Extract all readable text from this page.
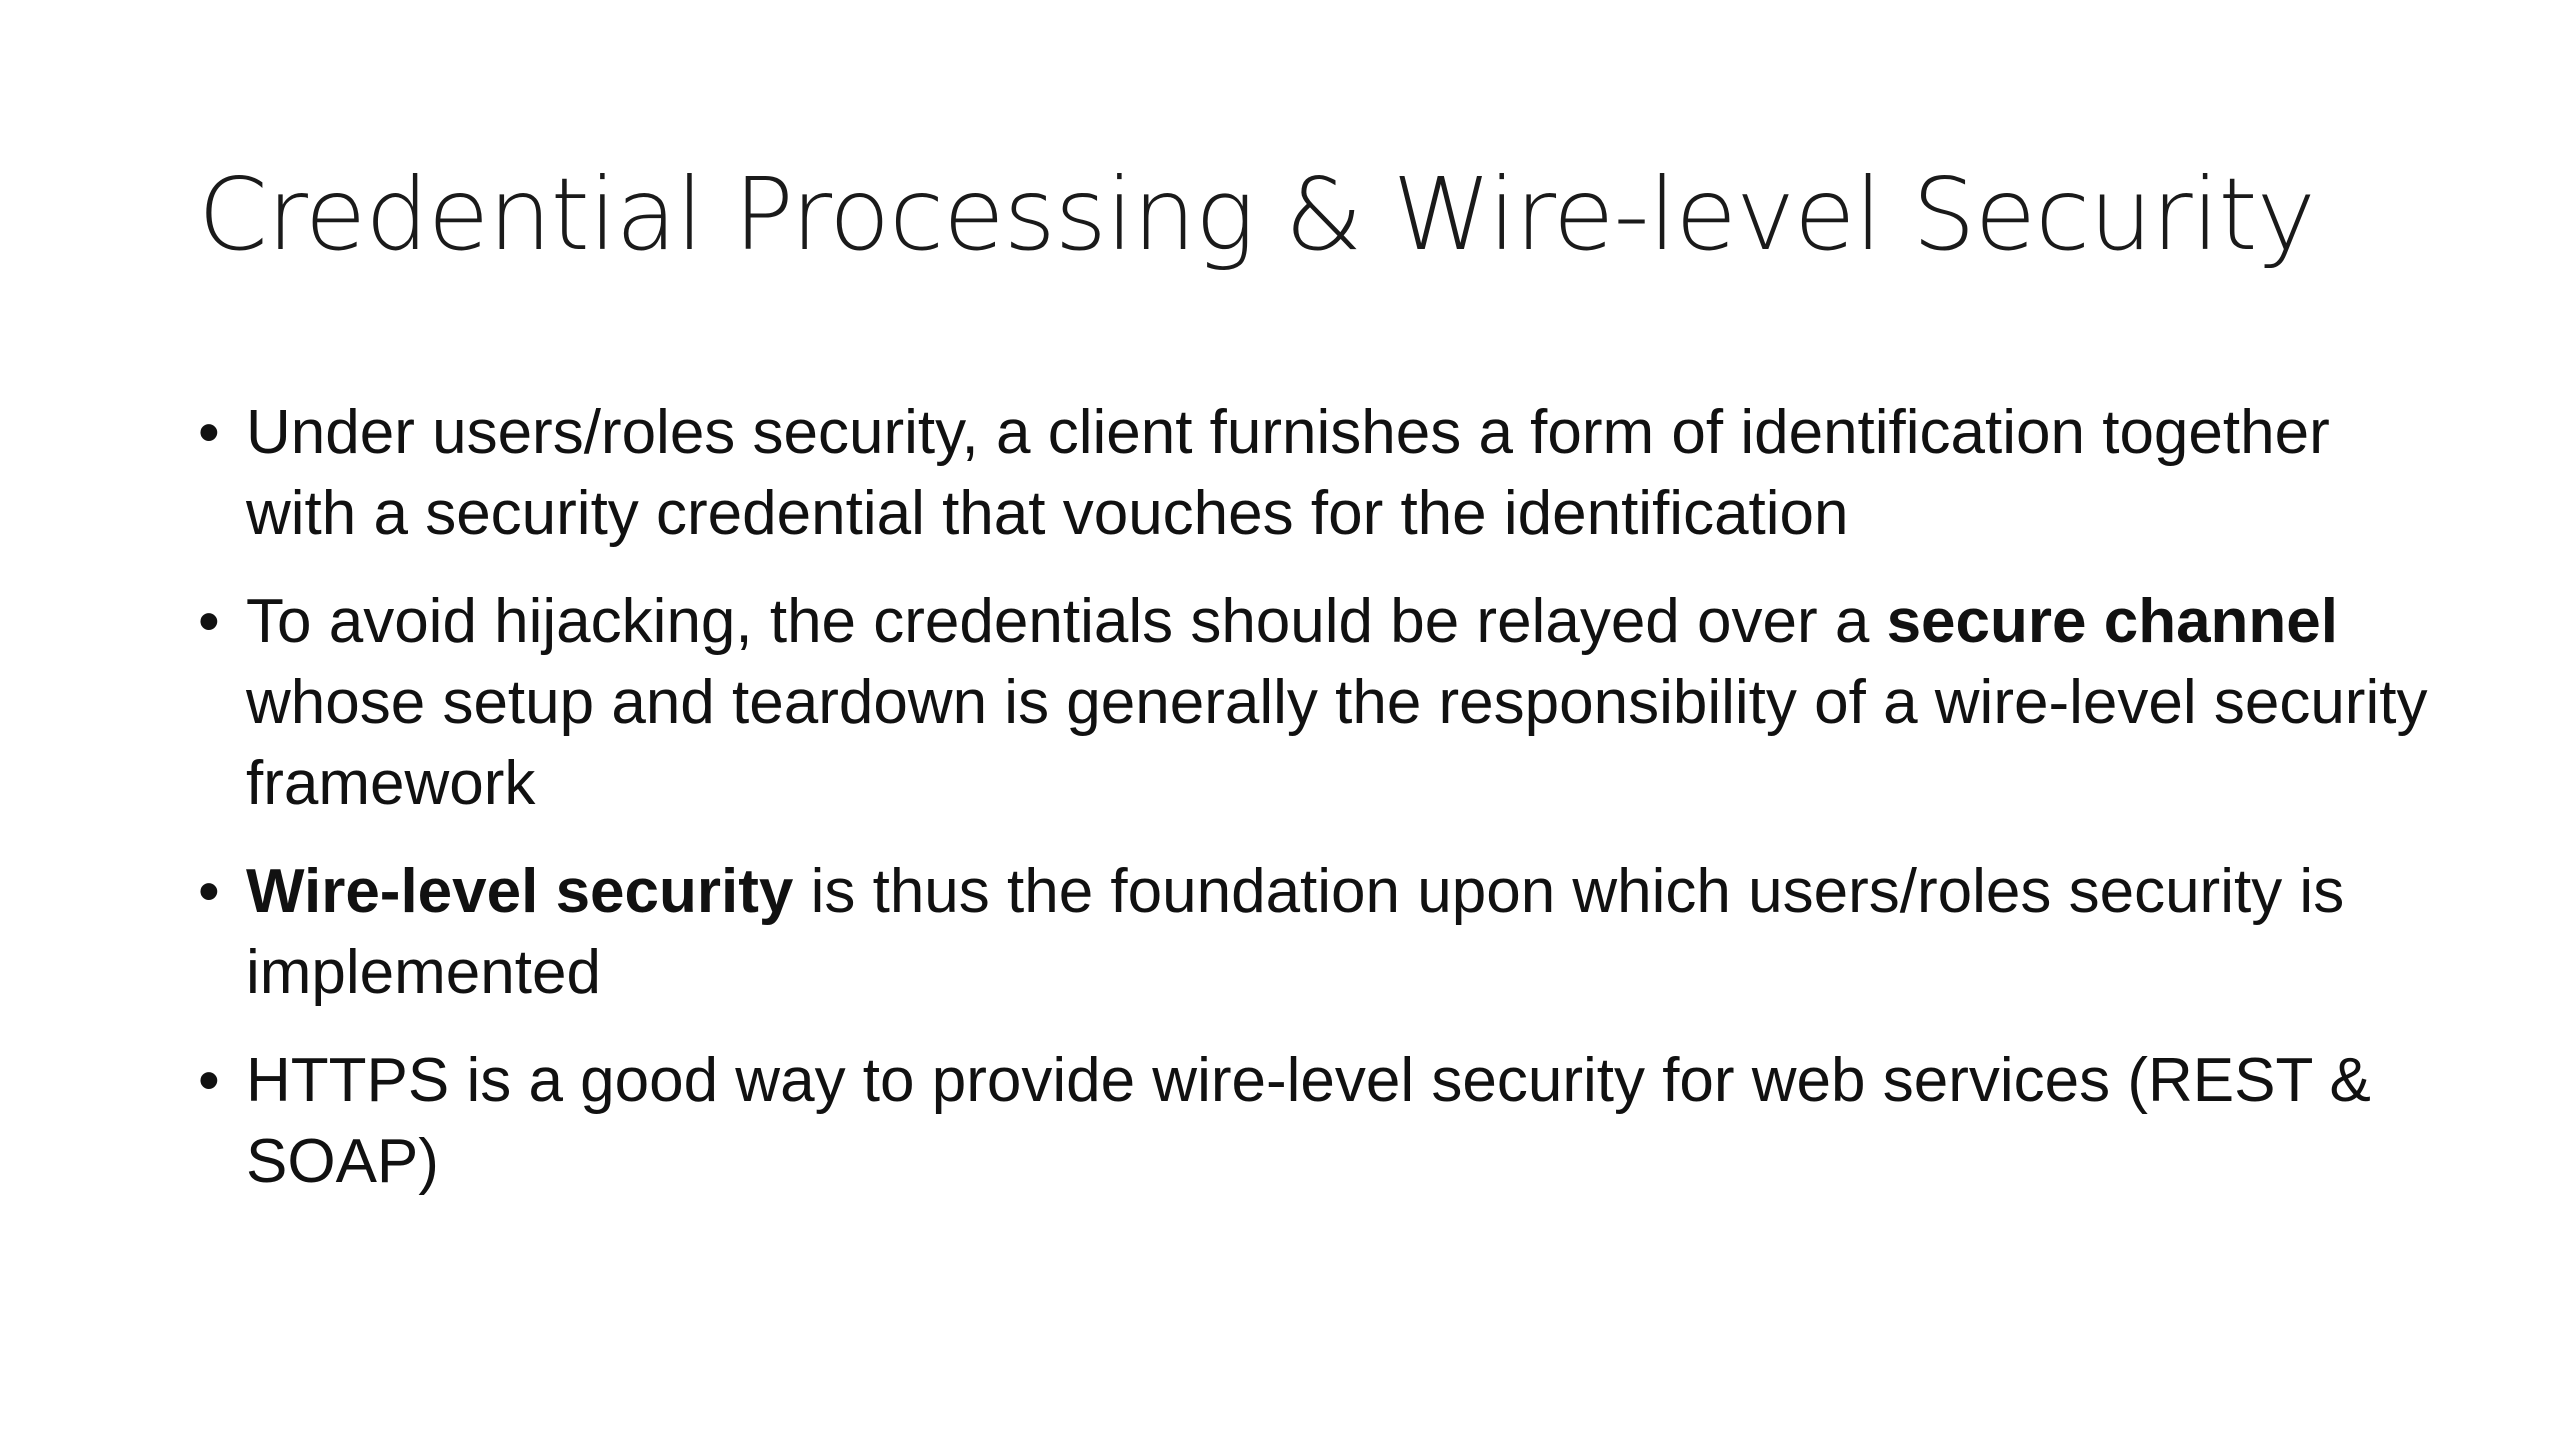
Credential Processing & Wire-level Security
• Under users/roles security, a client furnishes a form of identification together with a security credential that vouches for the identification
• To avoid hijacking, the credentials should be relayed over a secure channel whose setup and teardown is generally the responsibility of a wire-level security framework
• Wire-level security is thus the foundation upon which users/roles security is implemented
• HTTPS is a good way to provide wire-level security for web services (REST & SOAP)
